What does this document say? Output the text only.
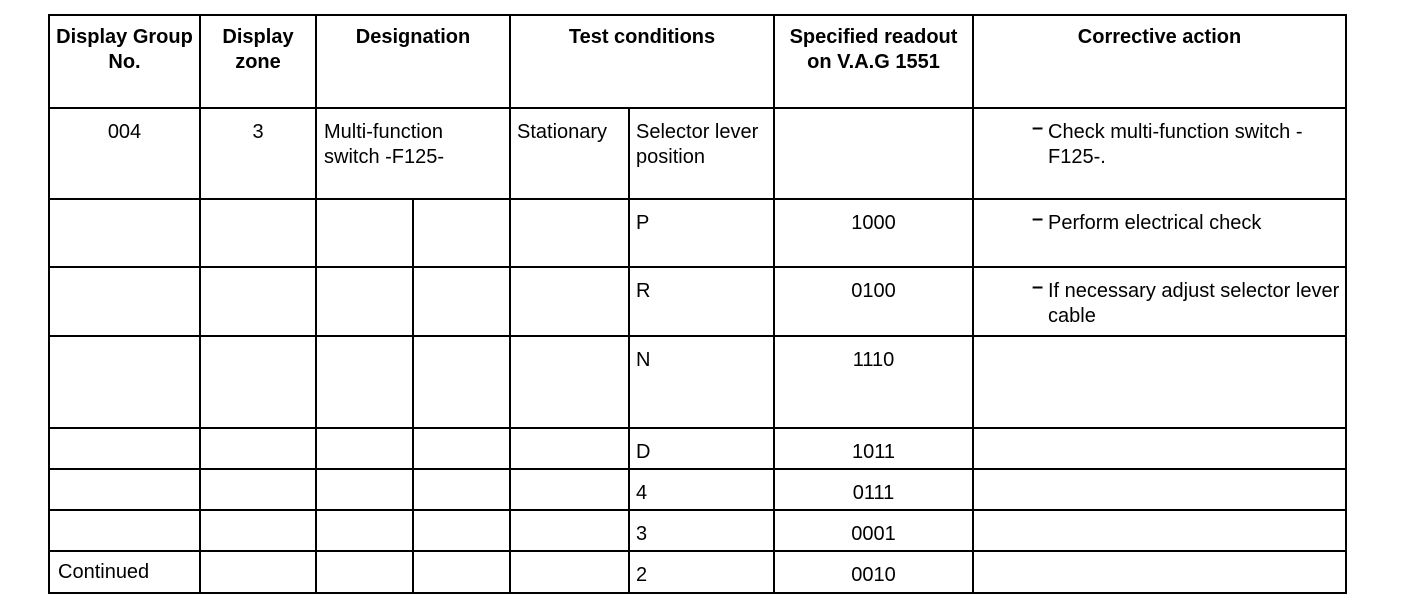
Display Group No.	Display zone	Designation		Test conditions		Specified readout on V.A.G 1551	Corrective action
004	3	Multi-function switch -F125-		Stationary	Selector lever position		– Check multi-function switch -F125-.

					P	1000	– Perform electrical check

					R	0100	– If necessary adjust selector lever cable

					N	1110	
					D	1011	
					4	0111	
					3	0001	
Continued					2	0010	
